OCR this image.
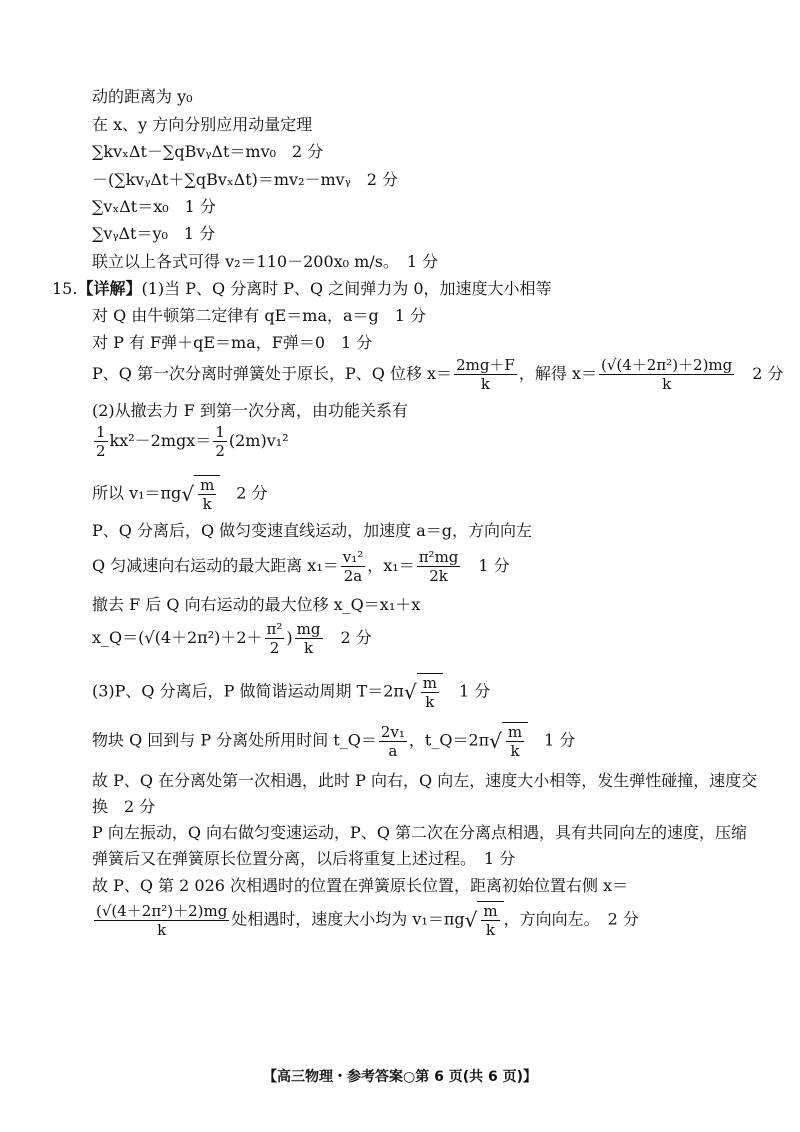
动的距离为 y₀
在 x、y 方向分别应用动量定理
∑kvₓΔt－∑qBvᵧΔt＝mv₀　2 分
－(∑kvᵧΔt＋∑qBvₓΔt)＝mv₂－mvᵧ　2 分
∑vₓΔt＝x₀　1 分
∑vᵧΔt＝y₀　1 分
联立以上各式可得 v₂＝110－200x₀ m/s。　1 分
15.【详解】(1)当 P、Q 分离时 P、Q 之间弹力为 0，加速度大小相等
对 Q 由牛顿第二定律有 qE＝ma，a＝g　1 分
对 P 有 F弹＋qE＝ma，F弹＝0　1 分
P、Q 第一次分离时弹簧处于原长，P、Q 位移 $x= \frac{2mg+F}{k}$ ，解得 $x= \frac{\text{(√(4＋2π²)＋2)mg}}{k}$ 　2 分
(2)从撤去力 F 到第一次分离，由功能关系有
$\frac{1}{2} kx^2-2mgx= \frac{1}{2} (2m)v_1^2$
所以 $v_1=\pi g√ \frac{m}{k}$ 　2 分
P、Q 分离后，Q 做匀变速直线运动，加速度 a＝g，方向向左
Q 匀减速向右运动的最大距离 $x_1= \frac{\text{v₁²}}{2a}$ ，$x_1= \frac{\text{π²mg}}{2k}$ 　1 分
撤去 F 后 Q 向右运动的最大位移 x_Q＝x₁＋x
x_Q＝(√(4＋2π²)＋2＋ $\frac{\text{π²}}{2}$ ) $\frac{mg}{k}$ 　2 分
(3)P、Q 分离后，P 做简谐运动周期 $T=2\pi√ \frac{m}{k}$ 　1 分
物块 Q 回到与 P 分离处所用时间 t_Q＝ $\frac{\text{2v₁}}{a}$ ，t_Q＝2π√ $\frac{m}{k}$ 　1 分
故 P、Q 在分离处第一次相遇，此时 P 向右，Q 向左，速度大小相等，发生弹性碰撞，速度交
换　2 分
P 向左振动，Q 向右做匀变速运动，P、Q 第二次在分离点相遇，具有共同向左的速度，压缩
弹簧后又在弹簧原长位置分离，以后将重复上述过程。　1 分
故 P、Q 第 2 026 次相遇时的位置在弹簧原长位置，距离初始位置右侧 x＝
$\frac{\text{(√(4＋2π²)＋2)mg}}{k}$ 处相遇时，速度大小均为 $v_1=\pi g√ \frac{m}{k}$ ，方向向左。　2 分
【高三物理・参考答案○第 6 页(共 6 页)】
